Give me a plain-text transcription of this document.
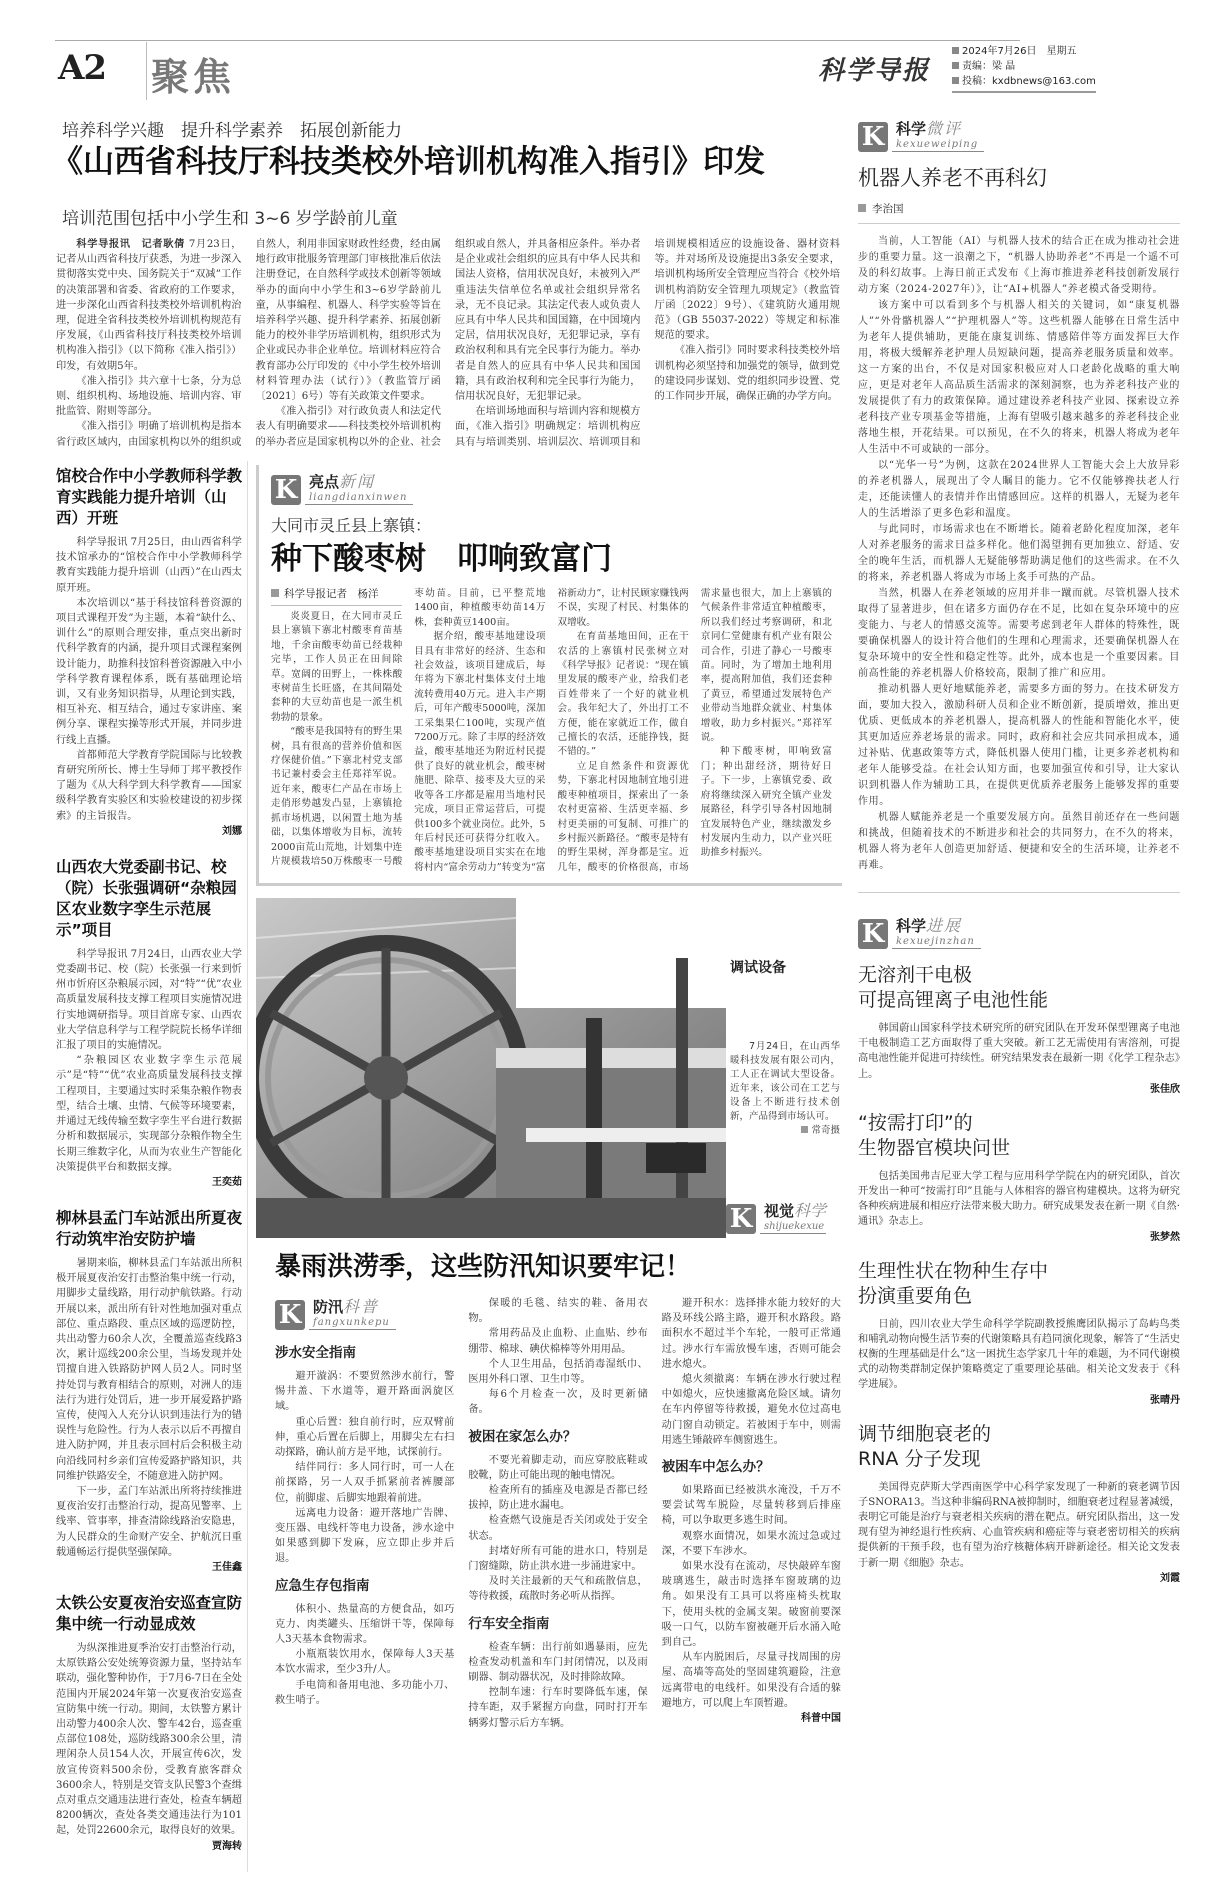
A2 聚焦	科学导报
2024年7月26日　星期五
责编：梁 晶
投稿：kxdbnews@163.com
培养科学兴趣　提升科学素养　拓展创新能力
《山西省科技厅科技类校外培训机构准入指引》印发
培训范围包括中小学生和 3~6 岁学龄前儿童

科学导报讯　记者耿倩 7月23日，记者从山西省科技厅获悉，为进一步深入贯彻落实党中央、国务院关于“双减”工作的决策部署和省委、省政府的工作要求，进一步深化山西省科技类校外培训机构治理，促进全省科技类校外培训机构规范有序发展，《山西省科技厅科技类校外培训机构准入指引》（以下简称《准入指引》）印发，有效期5年。

《准入指引》共六章十七条，分为总则、组织机构、场地设施、培训内容、审批监管、附则等部分。

《准入指引》明确了培训机构是指本省行政区域内，由国家机构以外的组织或自然人，利用非国家财政性经费，经由属地行政审批服务管理部门审核批准后依法注册登记，在自然科学或技术创新等领域举办的面向中小学生和3~6岁学龄前儿童，从事编程、机器人、科学实验等旨在培养科学兴趣、提升科学素养、拓展创新能力的校外非学历培训机构，组织形式为企业或民办非企业单位。培训材料应符合教育部办公厅印发的《中小学生校外培训材料管理办法（试行）》（教监管厅函〔2021〕6号）等有关政策文件要求。

《准入指引》对行政负责人和法定代表人有明确要求——科技类校外培训机构的举办者应是国家机构以外的企业、社会组织或自然人，并具备相应条件。举办者是企业或社会组织的应具有中华人民共和国法人资格，信用状况良好，未被列入严重违法失信单位名单或社会组织异常名录，无不良记录。其法定代表人或负责人应具有中华人民共和国国籍，在中国境内定居，信用状况良好，无犯罪记录，享有政治权利和具有完全民事行为能力。举办者是自然人的应具有中华人民共和国国籍，具有政治权利和完全民事行为能力，信用状况良好，无犯罪记录。

在培训场地面积与培训内容和规模方面，《准入指引》明确规定：培训机构应具有与培训类别、培训层次、培训项目和培训规模相适应的设施设备、器材资料等。并对场所及设施提出3条安全要求，培训机构场所安全管理应当符合《校外培训机构消防安全管理九项规定》（教监管厅函〔2022〕9号）、《建筑防火通用规范》（GB 55037-2022）等规定和标准规范的要求。

《准入指引》同时要求科技类校外培训机构必须坚持和加强党的领导，做到党的建设同步谋划、党的组织同步设置、党的工作同步开展，确保正确的办学方向。

馆校合作中小学教师科学教育实践能力提升培训（山西）开班

科学导报讯 7月25日，由山西省科学技术馆承办的“馆校合作中小学教师科学教育实践能力提升培训（山西）”在山西太原开班。

本次培训以“基于科技馆科普资源的项目式课程开发”为主题，本着“缺什么、训什么”的原则合理安排，重点突出新时代科学教育的内涵，提升项目式课程案例设计能力，助推科技馆科普资源融入中小学科学教育课程体系，既有基础理论培训，又有业务知识指导，从理论到实践，相互补充、相互结合，通过专家讲座、案例分享、课程实操等形式开展，并同步进行线上直播。

首都师范大学教育学院国际与比较教育研究所所长、博士生导师丁邦平教授作了题为《从大科学到大科学教育——国家级科学教育实验区和实验校建设的初步探索》的主旨报告。

刘娜
山西农大党委副书记、校（院）长张强调研“杂粮园区农业数字孪生示范展示”项目

科学导报讯 7月24日，山西农业大学党委副书记、校（院）长张强一行来到忻州市忻府区杂粮展示园，对“特”“优”农业高质量发展科技支撑工程项目实施情况进行实地调研指导。项目首席专家、山西农业大学信息科学与工程学院院长杨华详细汇报了项目的实施情况。

“杂粮园区农业数字孪生示范展示”是“特”“优”农业高质量发展科技支撑工程项目，主要通过实时采集杂粮作物表型，结合土壤、虫情、气候等环境要素，并通过无线传输至数字孪生平台进行数据分析和数据展示，实现部分杂粮作物全生长期三维数字化，从而为农业生产智能化决策提供平台和数据支撑。

王奕茹
柳林县孟门车站派出所夏夜行动筑牢治安防护墙

暑期来临，柳林县孟门车站派出所积极开展夏夜治安打击整治集中统一行动，用脚步丈量线路，用行动护航铁路。行动开展以来，派出所有针对性地加强对重点部位、重点路段、重点区域的巡逻防控，共出动警力60余人次，全覆盖巡查线路3次，累计巡线200余公里，当场发现并处罚擅自进入铁路防护网人员2人。同时坚持处罚与教育相结合的原则，对洲人的违法行为进行处罚后，进一步开展爱路护路宣传，使闯入人充分认识到违法行为的错误性与危险性。行为人表示以后不再擅自进入防护网，并且表示回村后会积极主动向沿线同村乡亲们宣传爱路护路知识，共同维护铁路安全，不随意进入防护网。

下一步，孟门车站派出所将持续推进夏夜治安打击整治行动，提高见警率、上线率、管事率，排查清除线路治安隐患，为人民群众的生命财产安全、护航沉日重载通畅运行提供坚强保障。

王佳鑫
太铁公安夏夜治安巡查宣防集中统一行动显成效

为纵深推进夏季治安打击整治行动，太原铁路公安处统筹资源力量，坚持站车联动，强化警种协作，于7月6-7日在全处范围内开展2024年第一次夏夜治安巡查宣防集中统一行动。期间，太铁警方累计出动警力400余人次、警车42台，巡查重点部位108处，巡防线路300余公里，清理闲杂人员154人次，开展宣传6次，发放宣传资料500余份，受教育旅客群众3600余人，特别是交管支队民警3个查缉点对重点交通违法进行查处，检查车辆超8200辆次，查处各类交通违法行为101起，处罚22600余元，取得良好的效果。

贾海转
K 亮点新闻
liangdianxinwen
大同市灵丘县上寨镇：
种下酸枣树　叩响致富门
科学导报记者　杨洋

炎炎夏日，在大同市灵丘县上寨镇下寨北村酸枣育苗基地，千余亩酸枣幼苗已经栽种完毕，工作人员正在田间除草。宽阔的田野上，一株株酸枣树苗生长旺盛，在其间隔处套种的大豆幼苗也是一派生机勃勃的景象。

“酸枣是我国特有的野生果树，具有很高的营养价值和医疗保健价值。”下寨北村党支部书记兼村委会主任郑祥军说。近年来，酸枣仁产品在市场上走俏形势越发凸显，上寨镇抢抓市场机遇，以闲置土地为基础，以集体增收为目标，流转2000亩荒山荒地，计划集中连片规模栽培50万株酸枣一号酸枣幼苗。目前，已平整荒地1400亩，种植酸枣幼苗14万株，套种黄豆1400亩。

据介绍，酸枣基地建设项目具有非常好的经济、生态和社会效益，该项目建成后，每年将为下寨北村集体支付土地流转费用40万元。进入丰产期后，可年产酸枣5000吨，深加工采集果仁100吨，实现产值7200万元。除了丰厚的经济效益，酸枣基地还为附近村民提供了良好的就业机会，酸枣树施肥、除草、接枣及大豆的采收等各工序都是雇用当地村民完成，项目正常运营后，可提供100多个就业岗位。此外，5年后村民还可获得分红收入。酸枣基地建设项目实实在在地将村内“富余劳动力”转变为“富裕新动力”，让村民顾家赚钱两不误，实现了村民、村集体的双增收。

在育苗基地田间，正在干农活的上寨镇村民张树立对《科学导报》记者说：“现在镇里发展的酸枣产业，给我们老百姓带来了一个好的就业机会。我年纪大了，外出打工不方便，能在家就近工作，做自己擅长的农活，还能挣钱，挺不错的。”

立足自然条件和资源优势，下寨北村因地制宜地引进酸枣种植项目，探索出了一条农村更富裕、生活更幸福、乡村更美丽的可复制、可推广的乡村振兴新路径。“酸枣是特有的野生果树，浑身都是宝。近几年，酸枣的价格很高，市场需求量也很大，加上上寨镇的气候条件非常适宜种植酸枣，所以我们经过考察调研，和北京同仁堂健康有机产业有限公司合作，引进了静心一号酸枣苗。同时，为了增加土地利用率，提高附加值，我们还套种了黄豆，希望通过发展特色产业带动当地群众就业、村集体增收，助力乡村振兴。”郑祥军说。

种下酸枣树，叩响致富门；种出甜经济，期待好日子。下一步，上寨镇党委、政府将继续深入研究全镇产业发展路径，科学引导各村因地制宜发展特色产业，继续激发乡村发展内生动力，以产业兴旺助推乡村振兴。

调试设备
7月24日，在山西华暖科技发展有限公司内，工人正在调试大型设备。近年来，该公司在工艺与设备上不断进行技术创新，产品得到市场认可。
常奇摄
K 视觉科学
shijuekexue
暴雨洪涝季，这些防汛知识要牢记！
K 防汛科普
fangxunkepu
涉水安全指南

避开漩涡：不要贸然涉水前行，警惕井盖、下水道等，避开路面涡旋区域。

重心后置：独自前行时，应双臂前伸，重心后置在后脚上，用脚尖左右扫动探路，确认前方是平地，试探前行。

结伴同行：多人同行时，可一人在前探路，另一人双手抓紧前者裤腰部位，前脚虚、后脚实地跟着前进。

远离电力设备：避开落地广告牌、变压器、电线杆等电力设备，涉水途中如果感到脚下发麻，应立即止步并后退。

应急生存包指南

体积小、热量高的方便食品，如巧克力、肉类罐头、压缩饼干等，保障每人3天基本食物需求。

小瓶瓶装饮用水，保障每人3天基本饮水需求，至少3升/人。

手电筒和备用电池、多功能小刀、救生哨子。

保暖的毛毯、结实的鞋、备用衣物。

常用药品及止血粉、止血贴、纱布绷带、棉球、碘伏棉棒等外用用品。

个人卫生用品，包括消毒湿纸巾、医用外科口罩、卫生巾等。

每6个月检查一次，及时更新储备。

被困在家怎么办？

不要光着脚走动，而应穿胶底鞋或胶靴，防止可能出现的触电情况。

检查所有的插座及电源是否都已经拔掉，防止进水漏电。

检查燃气设施是否关闭或处于安全状态。

封堵好所有可能的进水口，特别是门窗缝隙，防止洪水进一步涌进家中。

及时关注最新的天气和疏散信息，等待救援，疏散时务必听从指挥。

行车安全指南

检查车辆：出行前如遇暴雨，应先检查发动机盖和车门封闭情况，以及雨刷器、制动器状况，及时排除故障。

控制车速：行车时要降低车速，保持车距，双手紧握方向盘，同时打开车辆雾灯警示后方车辆。

避开积水：选择排水能力较好的大路及环线公路主路，避开积水路段。路面积水不超过半个车轮，一般可正常通过。涉水行车需放慢车速，否则可能会进水熄火。

熄火须撤离：车辆在涉水行驶过程中如熄火，应快速撤离危险区域。请勿在车内停留等待救援，避免水位过高电动门窗自动锁定。若被困于车中，则需用逃生锤敲碎车侧窗逃生。

被困车中怎么办？

如果路面已经被洪水淹没，千万不要尝试驾车脱险，尽量转移到后排座椅，可以争取更多逃生时间。

观察水面情况，如果水流过急或过深，不要下车涉水。

如果水没有在流动，尽快敲碎车窗玻璃逃生，敲击时选择车窗玻璃的边角。如果没有工具可以将座椅头枕取下，使用头枕的金属支架。破窗前要深吸一口气，以防车窗被砸开后水涌入呛到自己。

从车内脱困后，尽量寻找周围的房屋、高墙等高处的坚固建筑避险，注意远离带电的电线杆。如果没有合适的躲避地方，可以爬上车顶暂避。

科普中国
K 科学微评
kexueweiping
机器人养老不再科幻
李治国

当前，人工智能（AI）与机器人技术的结合正在成为推动社会进步的重要力量。这一浪潮之下，“机器人协助养老”不再是一个遥不可及的科幻故事。上海日前正式发布《上海市推进养老科技创新发展行动方案（2024-2027年）》，让“AI+机器人”养老模式备受期待。

该方案中可以看到多个与机器人相关的关键词，如“康复机器人”“外骨骼机器人”“护理机器人”等。这些机器人能够在日常生活中为老年人提供辅助，更能在康复训练、情感陪伴等方面发挥巨大作用，将极大缓解养老护理人员短缺问题，提高养老服务质量和效率。这一方案的出台，不仅是对国家积极应对人口老龄化战略的重大响应，更是对老年人高品质生活需求的深刻洞察，也为养老科技产业的发展提供了有力的政策保障。通过建设养老科技产业园、探索设立养老科技产业专项基金等措施，上海有望吸引越来越多的养老科技企业落地生根，开花结果。可以预见，在不久的将来，机器人将成为老年人生活中不可或缺的一部分。

以“光华一号”为例，这款在2024世界人工智能大会上大放异彩的养老机器人，展现出了令人瞩目的能力。它不仅能够搀扶老人行走，还能读懂人的表情并作出情感回应。这样的机器人，无疑为老年人的生活增添了更多色彩和温度。

与此同时，市场需求也在不断增长。随着老龄化程度加深，老年人对养老服务的需求日益多样化。他们渴望拥有更加独立、舒适、安全的晚年生活，而机器人无疑能够帮助满足他们的这些需求。在不久的将来，养老机器人将成为市场上炙手可热的产品。

当然，机器人在养老领域的应用并非一蹴而就。尽管机器人技术取得了显著进步，但在诸多方面仍存在不足，比如在复杂环境中的应变能力、与老人的情感交流等。需要考虑到老年人群体的特殊性，既要确保机器人的设计符合他们的生理和心理需求，还要确保机器人在复杂环境中的安全性和稳定性等。此外，成本也是一个重要因素。目前高性能的养老机器人价格较高，限制了推广和应用。

推动机器人更好地赋能养老，需要多方面的努力。在技术研发方面，要加大投入，激励科研人员和企业不断创新，提质增效，推出更优质、更低成本的养老机器人，提高机器人的性能和智能化水平，使其更加适应养老场景的需求。同时，政府和社会应共同承担成本，通过补贴、优惠政策等方式，降低机器人使用门槛，让更多养老机构和老年人能够受益。在社会认知方面，也要加强宣传和引导，让大家认识到机器人作为辅助工具，在提供更优质养老服务上能够发挥的重要作用。

机器人赋能养老是一个重要发展方向。虽然目前还存在一些问题和挑战，但随着技术的不断进步和社会的共同努力，在不久的将来，机器人将为老年人创造更加舒适、便捷和安全的生活环境，让养老不再难。

K 科学进展
kexuejinzhan
无溶剂干电极
可提高锂离子电池性能

韩国蔚山国家科学技术研究所的研究团队在开发环保型锂离子电池干电极制造工艺方面取得了重大突破。新工艺无需使用有害溶剂，可提高电池性能并促进可持续性。研究结果发表在最新一期《化学工程杂志》上。

张佳欣
“按需打印”的
生物器官模块问世

包括美国弗吉尼亚大学工程与应用科学学院在内的研究团队，首次开发出一种可“按需打印”且能与人体相容的器官构建模块。这将为研究各种疾病进展和相应疗法带来极大助力。研究成果发表在新一期《自然·通讯》杂志上。

张梦然
生理性状在物种生存中
扮演重要角色

日前，四川农业大学生命科学学院副教授熊鹰团队揭示了岛屿鸟类和哺乳动物向慢生活节奏的代谢策略具有趋同演化现象，解答了“生活史权衡的生理基础是什么”这一困扰生态学家几十年的难题，为不同代谢模式的动物类群制定保护策略奠定了重要理论基础。相关论文发表于《科学进展》。

张晴丹
调节细胞衰老的
RNA 分子发现

美国得克萨斯大学西南医学中心科学家发现了一种新的衰老调节因子SNORA13。当这种非编码RNA被抑制时，细胞衰老过程显著减缓，表明它可能是治疗与衰老相关疾病的潜在靶点。研究团队指出，这一发现有望为神经退行性疾病、心血管疾病和癌症等与衰老密切相关的疾病提供新的干预手段，也有望为治疗核糖体病开辟新途径。相关论文发表于新一期《细胞》杂志。

刘霞
